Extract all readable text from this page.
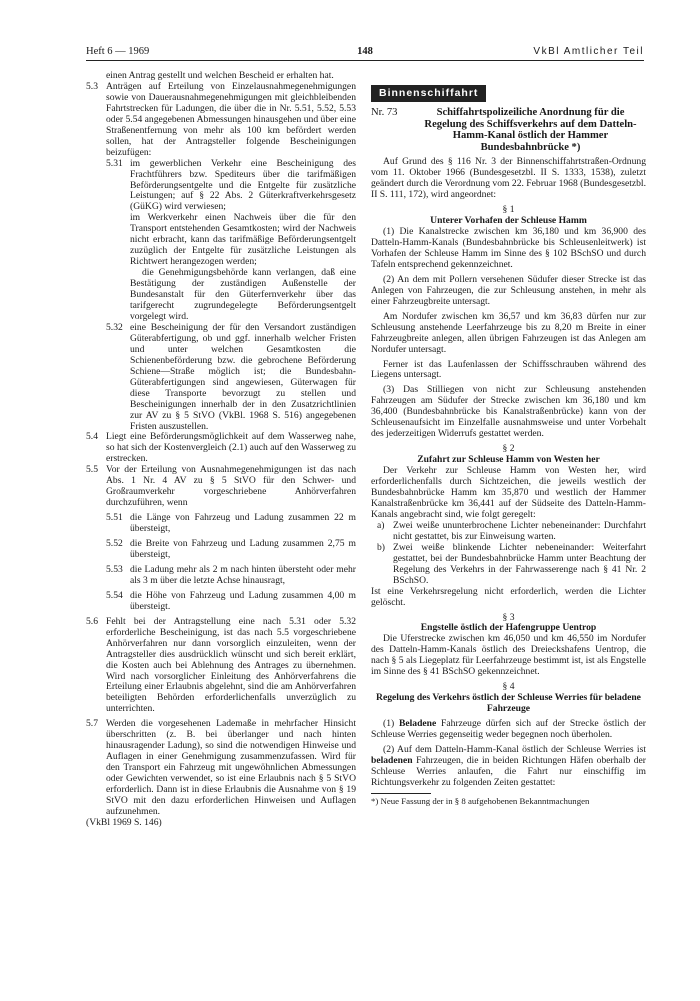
Heft 6 — 1969	148	VkBl Amtlicher Teil

einen Antrag gestellt und welchen Bescheid er erhalten hat.

5.3 Anträgen auf Erteilung von Einzelausnahmegenehmigungen sowie von Dauerausnahmegenehmigungen mit gleichbleibenden Fahrtstrecken für Ladungen, die über die in Nr. 5.51, 5.52, 5.53 oder 5.54 angegebenen Abmessungen hinausgehen und über eine Straßenentfernung von mehr als 100 km befördert werden sollen, hat der Antragsteller folgende Bescheinigungen beizufügen:

5.31 im gewerblichen Verkehr eine Bescheinigung des Frachtführers bzw. Spediteurs über die tarifmäßigen Beförderungsentgelte und die Entgelte für zusätzliche Leistungen; auf § 22 Abs. 2 Güterkraftverkehrsgesetz (GüKG) wird verwiesen;

im Werkverkehr einen Nachweis über die für den Transport entstehenden Gesamtkosten; wird der Nachweis nicht erbracht, kann das tarifmäßige Beförderungsentgelt zuzüglich der Entgelte für zusätzliche Leistungen als Richtwert herangezogen werden;

die Genehmigungsbehörde kann verlangen, daß eine Bestätigung der zuständigen Außenstelle der Bundesanstalt für den Güterfernverkehr über das tarifgerecht zugrundegelegte Beförderungsentgelt vorgelegt wird.

5.32 eine Bescheinigung der für den Versandort zuständigen Güterabfertigung, ob und ggf. innerhalb welcher Fristen und unter welchen Gesamtkosten die Schienenbeförderung bzw. die gebrochene Beförderung Schiene—Straße möglich ist; die Bundesbahn-Güterabfertigungen sind angewiesen, Güterwagen für diese Transporte bevorzugt zu stellen und Bescheinigungen innerhalb der in den Zusatzrichtlinien zur AV zu § 5 StVO (VkBl. 1968 S. 516) angegebenen Fristen auszustellen.

5.4 Liegt eine Beförderungsmöglichkeit auf dem Wasserweg nahe, so hat sich der Kostenvergleich (2.1) auch auf den Wasserweg zu erstrecken.

5.5 Vor der Erteilung von Ausnahmegenehmigungen ist das nach Abs. 1 Nr. 4 AV zu § 5 StVO für den Schwer- und Großraumverkehr vorgeschriebene Anhörverfahren durchzuführen, wenn

5.51 die Länge von Fahrzeug und Ladung zusammen 22 m übersteigt,

5.52 die Breite von Fahrzeug und Ladung zusammen 2,75 m übersteigt,

5.53 die Ladung mehr als 2 m nach hinten übersteht oder mehr als 3 m über die letzte Achse hinausragt,

5.54 die Höhe von Fahrzeug und Ladung zusammen 4,00 m übersteigt.

5.6 Fehlt bei der Antragstellung eine nach 5.31 oder 5.32 erforderliche Bescheinigung, ist das nach 5.5 vorgeschriebene Anhörverfahren nur dann vorsorglich einzuleiten, wenn der Antragsteller dies ausdrücklich wünscht und sich bereit erklärt, die Kosten auch bei Ablehnung des Antrages zu übernehmen. Wird nach vorsorglicher Einleitung des Anhörverfahrens die Erteilung einer Erlaubnis abgelehnt, sind die am Anhörverfahren beteiligten Behörden erforderlichenfalls unverzüglich zu unterrichten.

5.7 Werden die vorgesehenen Lademaße in mehrfacher Hinsicht überschritten (z. B. bei überlanger und nach hinten hinausragender Ladung), so sind die notwendigen Hinweise und Auflagen in einer Genehmigung zusammenzufassen. Wird für den Transport ein Fahrzeug mit ungewöhnlichen Abmessungen oder Gewichten verwendet, so ist eine Erlaubnis nach § 5 StVO erforderlich. Dann ist in diese Erlaubnis die Ausnahme von § 19 StVO mit den dazu erforderlichen Hinweisen und Auflagen aufzunehmen.

(VkBl 1969 S. 146)

Binnenschiffahrt
Nr. 73	Schiffahrtspolizeiliche Anordnung für die Regelung des Schiffsverkehrs auf dem Datteln-Hamm-Kanal östlich der Hammer Bundesbahnbrücke *)

Auf Grund des § 116 Nr. 3 der Binnenschiffahrtstraßen-Ordnung vom 11. Oktober 1966 (Bundesgesetzbl. II S. 1333, 1538), zuletzt geändert durch die Verordnung vom 22. Februar 1968 (Bundesgesetzbl. II S. 111, 172), wird angeordnet:

§ 1

Unterer Vorhafen der Schleuse Hamm

(1) Die Kanalstrecke zwischen km 36,180 und km 36,900 des Datteln-Hamm-Kanals (Bundesbahnbrücke bis Schleusenleitwerk) ist Vorhafen der Schleuse Hamm im Sinne des § 102 BSchSO und durch Tafeln entsprechend gekennzeichnet.

(2) An dem mit Pollern versehenen Südufer dieser Strecke ist das Anlegen von Fahrzeugen, die zur Schleusung anstehen, in mehr als einer Fahrzeugbreite untersagt.

Am Nordufer zwischen km 36,57 und km 36,83 dürfen nur zur Schleusung anstehende Leerfahrzeuge bis zu 8,20 m Breite in einer Fahrzeugbreite anlegen, allen übrigen Fahrzeugen ist das Anlegen am Nordufer untersagt.

Ferner ist das Laufenlassen der Schiffsschrauben während des Liegens untersagt.

(3) Das Stilliegen von nicht zur Schleusung anstehenden Fahrzeugen am Südufer der Strecke zwischen km 36,180 und km 36,400 (Bundesbahnbrücke bis Kanalstraßenbrücke) kann von der Schleusenaufsicht im Einzelfalle ausnahmsweise und unter Vorbehalt des jederzeitigen Widerrufs gestattet werden.

§ 2

Zufahrt zur Schleuse Hamm von Westen her

Der Verkehr zur Schleuse Hamm von Westen her, wird erforderlichenfalls durch Sichtzeichen, die jeweils westlich der Bundesbahnbrücke Hamm km 35,870 und westlich der Hammer Kanalstraßenbrücke km 36,441 auf der Südseite des Datteln-Hamm-Kanals angebracht sind, wie folgt geregelt:

a) Zwei weiße ununterbrochene Lichter nebeneinander: Durchfahrt nicht gestattet, bis zur Einweisung warten.

b) Zwei weiße blinkende Lichter nebeneinander: Weiterfahrt gestattet, bei der Bundesbahnbrücke Hamm unter Beachtung der Regelung des Verkehrs in der Fahrwasserenge nach § 41 Nr. 2 BSchSO.

Ist eine Verkehrsregelung nicht erforderlich, werden die Lichter gelöscht.

§ 3

Engstelle östlich der Hafengruppe Uentrop

Die Uferstrecke zwischen km 46,050 und km 46,550 im Nordufer des Datteln-Hamm-Kanals östlich des Dreieckshafens Uentrop, die nach § 5 als Liegeplatz für Leerfahrzeuge bestimmt ist, ist als Engstelle im Sinne des § 41 BSchSO gekennzeichnet.

§ 4

Regelung des Verkehrs östlich der Schleuse Werries für beladene Fahrzeuge

(1) Beladene Fahrzeuge dürfen sich auf der Strecke östlich der Schleuse Werries gegenseitig weder begegnen noch überholen.

(2) Auf dem Datteln-Hamm-Kanal östlich der Schleuse Werries ist beladenen Fahrzeugen, die in beiden Richtungen Häfen oberhalb der Schleuse Werries anlaufen, die Fahrt nur einschiffig im Richtungsverkehr zu folgenden Zeiten gestattet:

*) Neue Fassung der in § 8 aufgehobenen Bekanntmachungen
